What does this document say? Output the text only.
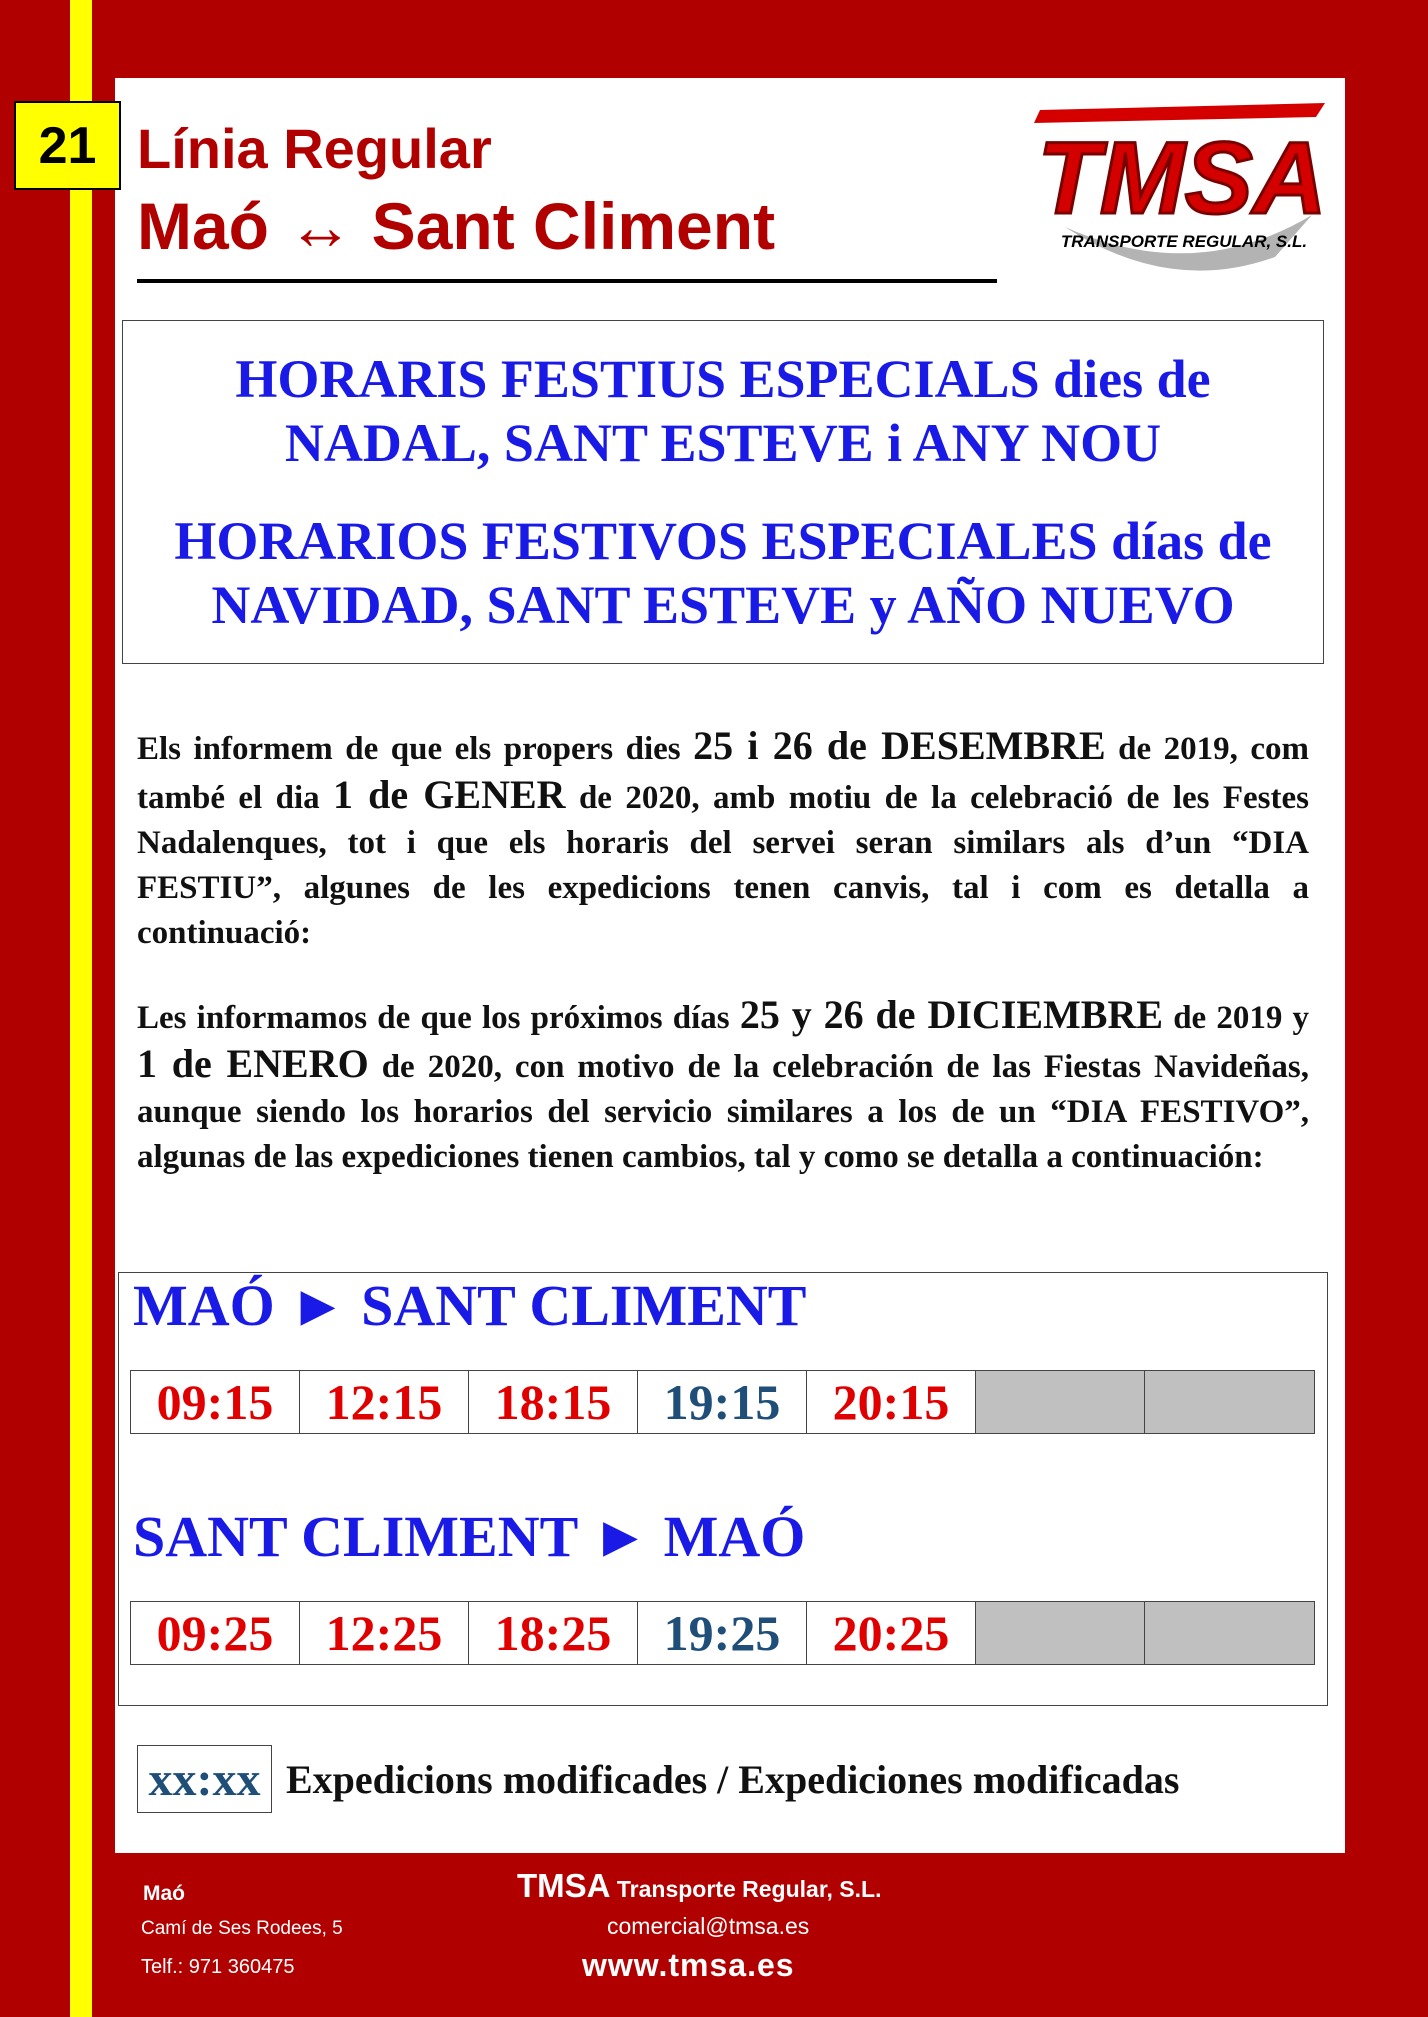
21 Línia Regular
Maó ↔ Sant Climent	TMSA
TRANSPORTE REGULAR, S.L.
HORARIS FESTIUS ESPECIALS dies de
NADAL, SANT ESTEVE i ANY NOU
HORARIOS FESTIVOS ESPECIALES días de
NAVIDAD, SANT ESTEVE y AÑO NUEVO
Els informem de que els propers dies 25 i 26 de DESEMBRE de 2019, com també el dia 1 de GENER de 2020, amb motiu de la celebració de les Festes Nadalenques, tot i que els horaris del servei seran similars als d’un “DIA FESTIU”, algunes de les expedicions tenen canvis, tal i com es detalla a continuació:
Les informamos de que los próximos días 25 y 26 de DICIEMBRE de 2019 y 1 de ENERO de 2020, con motivo de la celebración de las Fiestas Navideñas, aunque siendo los horarios del servicio similares a los de un “DIA FESTIVO”, algunas de las expediciones tienen cambios, tal y como se detalla a continuación:
MAÓ ► SANT CLIMENT
09:15	12:15	18:15	19:15	20:15
SANT CLIMENT ► MAÓ
09:25	12:25	18:25	19:25	20:25
xx:xx Expedicions modificades / Expediciones modificadas
Maó
Camí de Ses Rodees, 5
Telf.: 971 360475
TMSA Transporte Regular, S.L.
comercial@tmsa.es
www.tmsa.es
